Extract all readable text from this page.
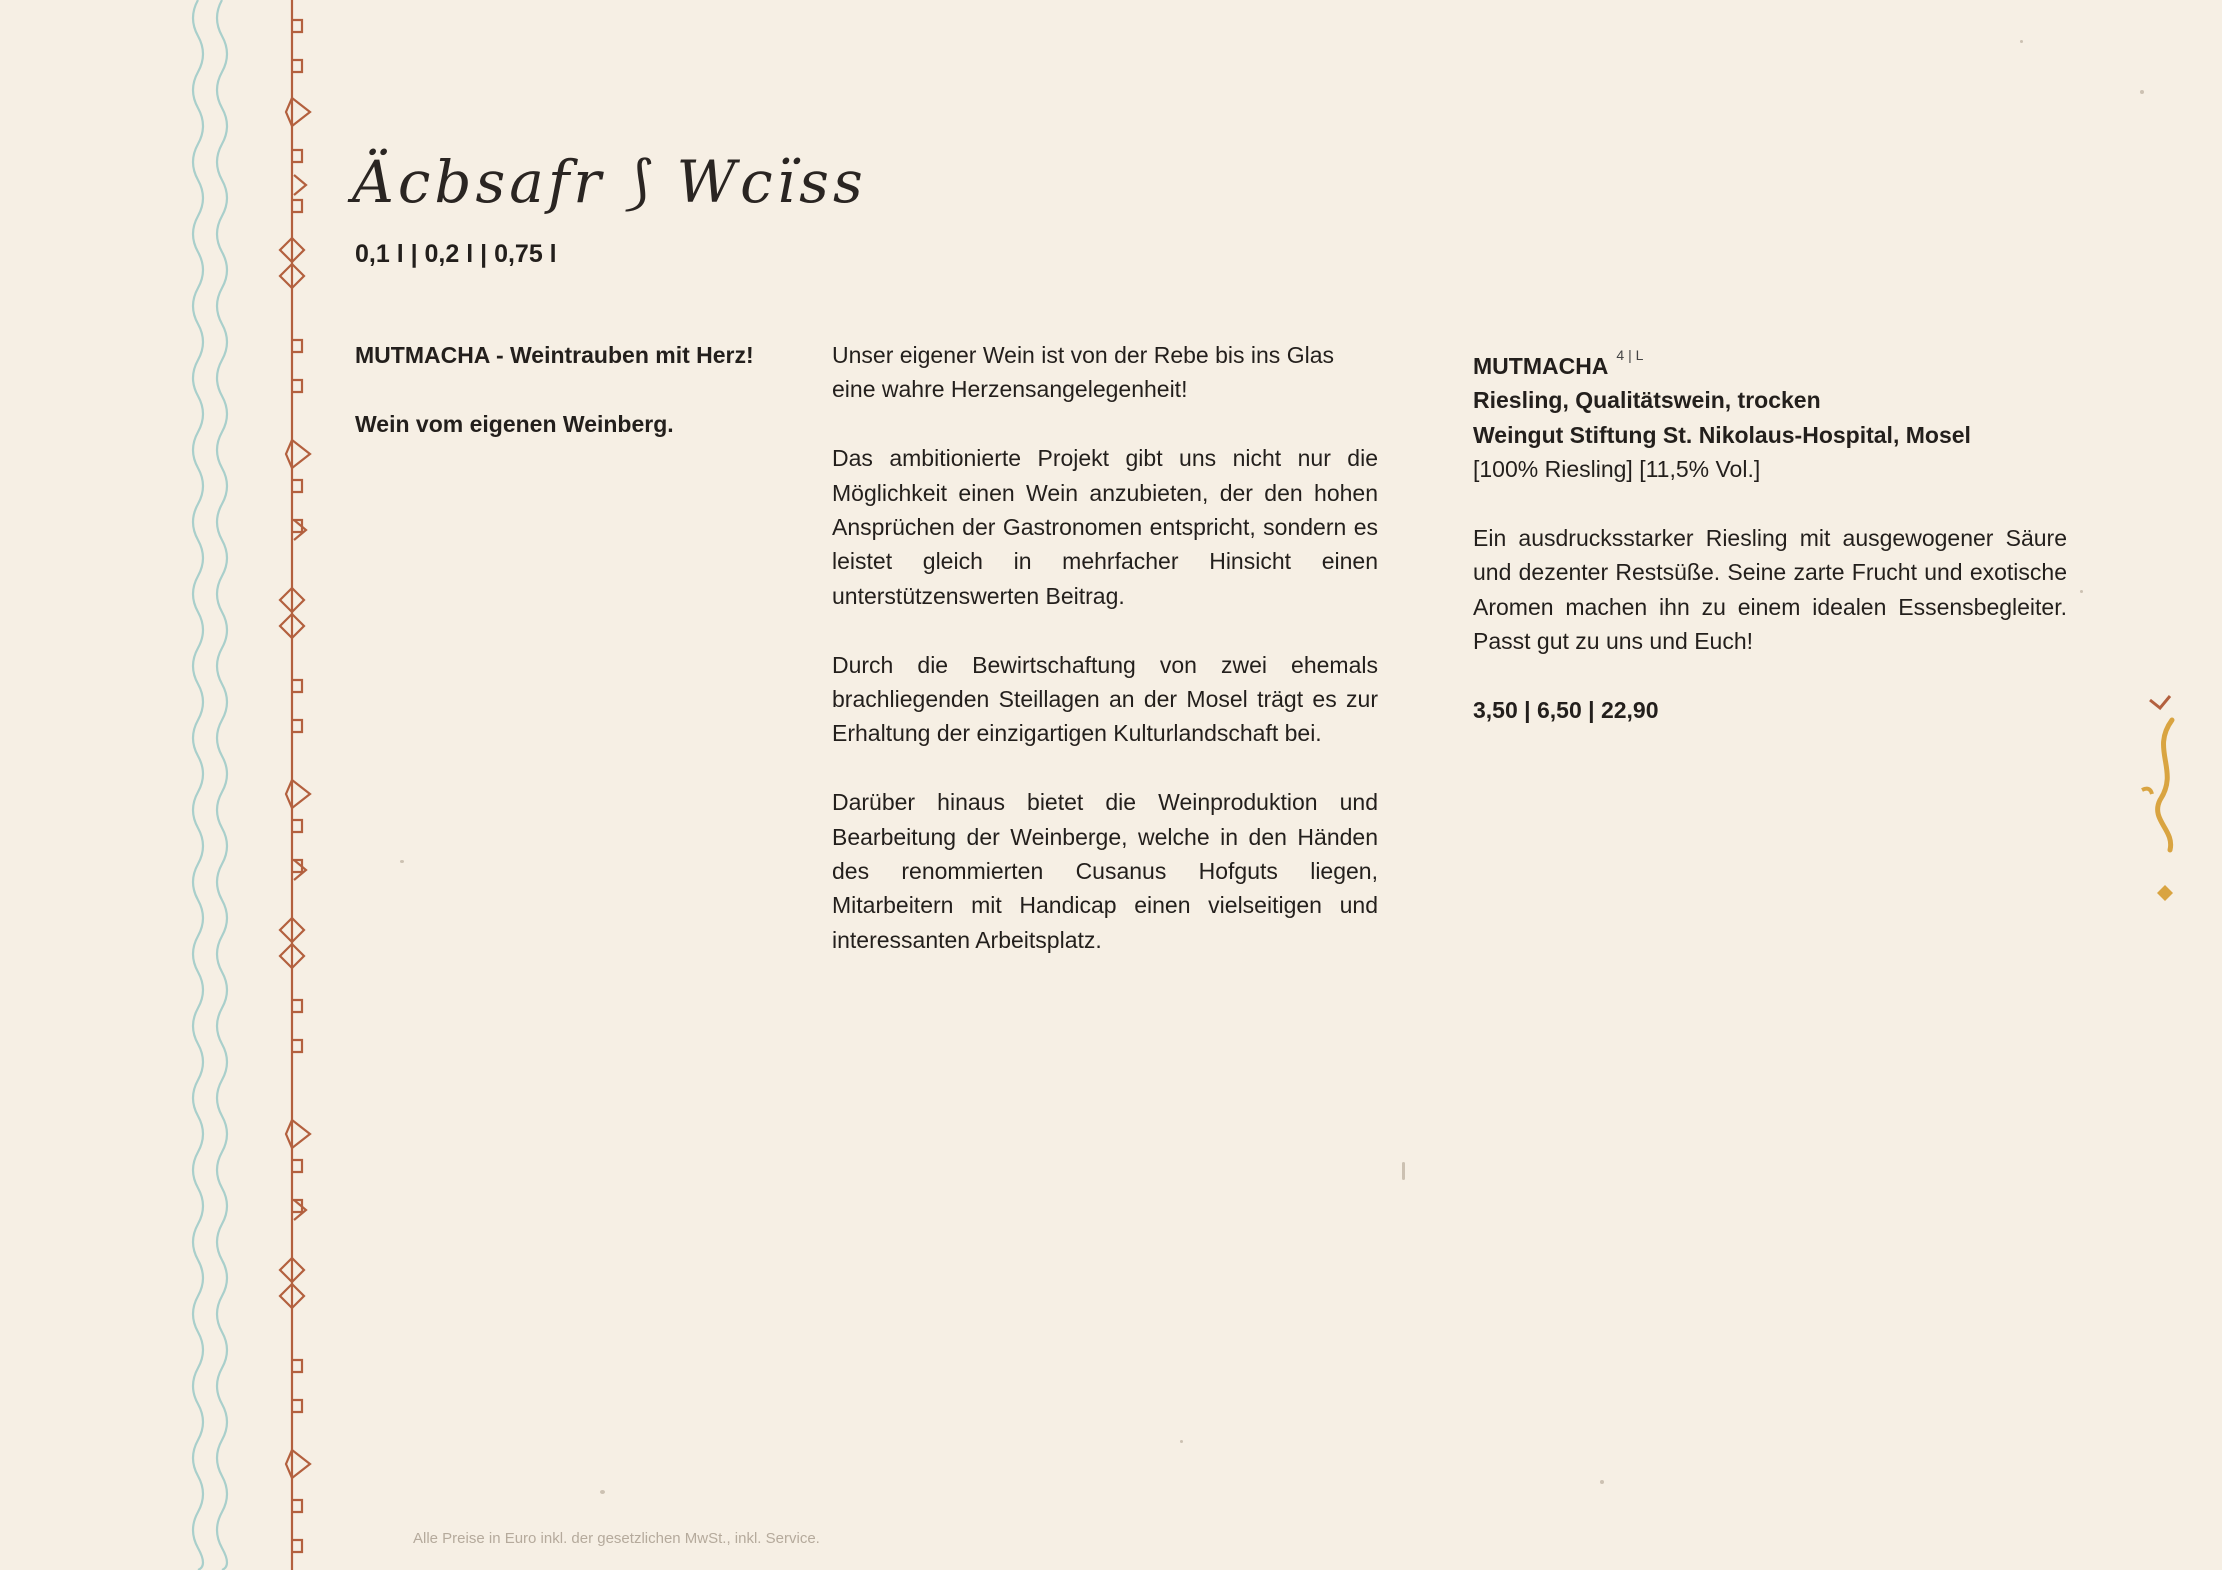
Äcbsafr ⟆ Wcïss
0,1 l | 0,2 l | 0,75 l

MUTMACHA - Weintrauben mit Herz!

Wein vom eigenen Weinberg.

Unser eigener Wein ist von der Rebe bis ins Glas eine wahre Herzensangelegenheit!

Das ambitionierte Projekt gibt uns nicht nur die Möglichkeit einen Wein anzubieten, der den hohen Ansprüchen der Gastronomen entspricht, sondern es leistet gleich in mehrfacher Hinsicht einen unterstützenswerten Beitrag.

Durch die Bewirtschaftung von zwei ehemals brachliegenden Steillagen an der Mosel trägt es zur Erhaltung der einzigartigen Kulturlandschaft bei.

Darüber hinaus bietet die Weinproduktion und Bearbeitung der Weinberge, welche in den Händen des renommierten Cusanus Hofguts liegen, Mitarbeitern mit Handicap einen vielseitigen und interessanten Arbeitsplatz.

MUTMACHA $^{4 | L}$
Riesling, Qualitätswein, trocken
Weingut Stiftung St. Nikolaus-Hospital, Mosel

[100% Riesling] [11,5% Vol.]

Ein ausdrucksstarker Riesling mit ausgewogener Säure und dezenter Restsüße. Seine zarte Frucht und exotische Aromen machen ihn zu einem idealen Essensbegleiter. Passt gut zu uns und Euch!

3,50 | 6,50 | 22,90

Alle Preise in Euro inkl. der gesetzlichen MwSt., inkl. Service.
